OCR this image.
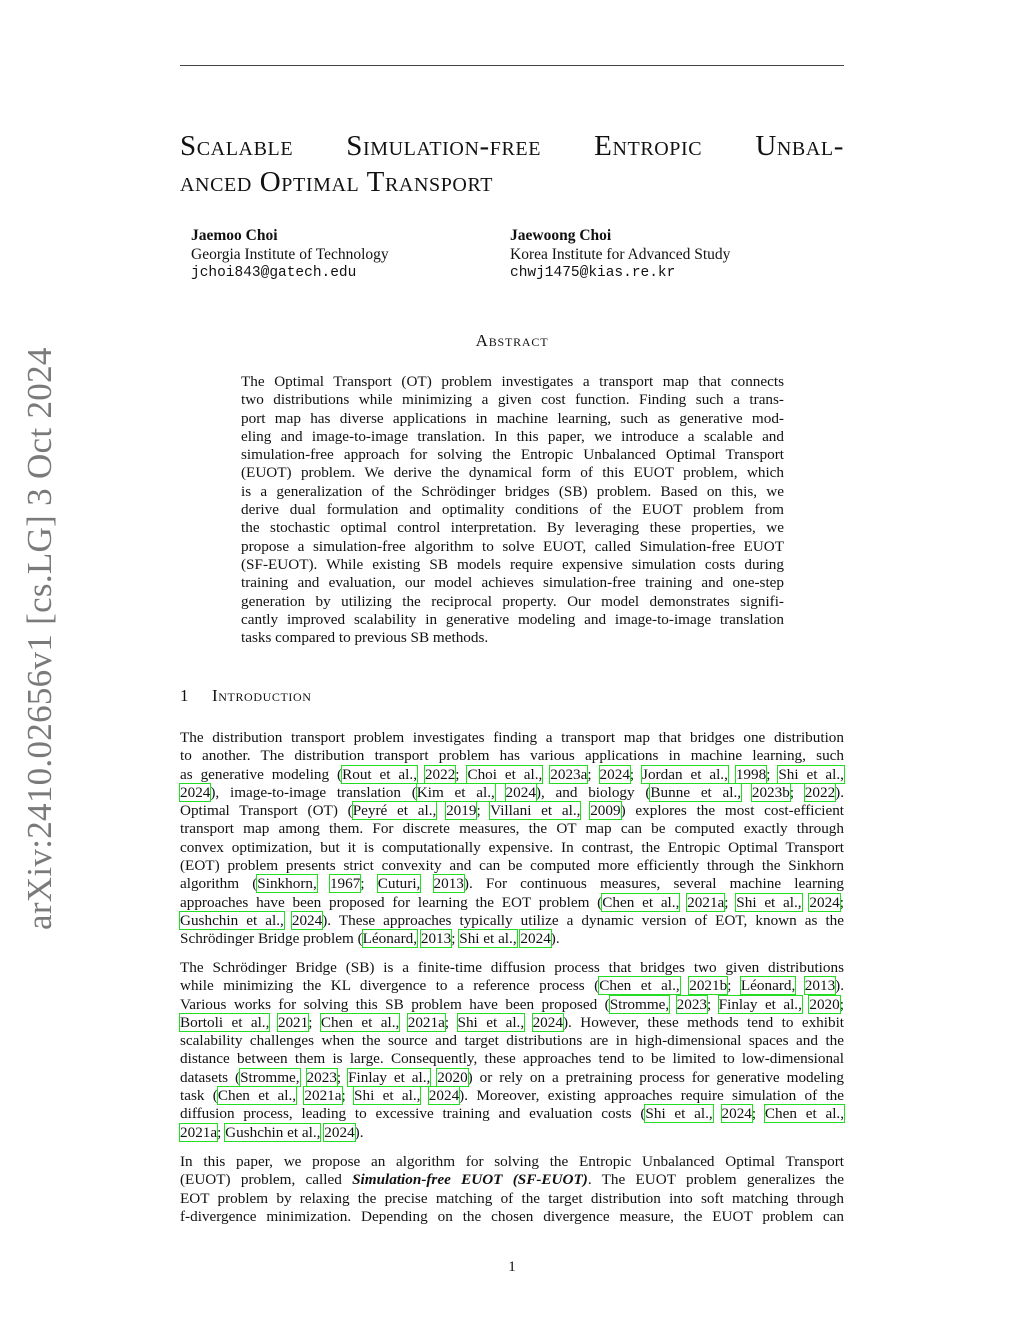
Scalable Simulation-free Entropic Unbal-
anced Optimal Transport
Jaemoo Choi
Georgia Institute of Technology
jchoi843@gatech.edu
Jaewoong Choi
Korea Institute for Advanced Study
chwj1475@kias.re.kr
Abstract
The Optimal Transport (OT) problem investigates a transport map that connects
two distributions while minimizing a given cost function. Finding such a trans-
port map has diverse applications in machine learning, such as generative mod-
eling and image-to-image translation. In this paper, we introduce a scalable and
simulation-free approach for solving the Entropic Unbalanced Optimal Transport
(EUOT) problem. We derive the dynamical form of this EUOT problem, which
is a generalization of the Schrödinger bridges (SB) problem. Based on this, we
derive dual formulation and optimality conditions of the EUOT problem from
the stochastic optimal control interpretation. By leveraging these properties, we
propose a simulation-free algorithm to solve EUOT, called Simulation-free EUOT
(SF-EUOT). While existing SB models require expensive simulation costs during
training and evaluation, our model achieves simulation-free training and one-step
generation by utilizing the reciprocal property. Our model demonstrates signifi-
cantly improved scalability in generative modeling and image-to-image translation
tasks compared to previous SB methods.
1 Introduction
The distribution transport problem investigates finding a transport map that bridges one distribution
to another. The distribution transport problem has various applications in machine learning, such
as generative modeling (Rout et al., 2022; Choi et al., 2023a; 2024; Jordan et al., 1998; Shi et al.,
2024), image-to-image translation (Kim et al., 2024), and biology (Bunne et al., 2023b; 2022).
Optimal Transport (OT) (Peyré et al., 2019; Villani et al., 2009) explores the most cost-efficient
transport map among them. For discrete measures, the OT map can be computed exactly through
convex optimization, but it is computationally expensive. In contrast, the Entropic Optimal Transport
(EOT) problem presents strict convexity and can be computed more efficiently through the Sinkhorn
algorithm (Sinkhorn, 1967; Cuturi, 2013). For continuous measures, several machine learning
approaches have been proposed for learning the EOT problem (Chen et al., 2021a; Shi et al., 2024;
Gushchin et al., 2024). These approaches typically utilize a dynamic version of EOT, known as the
Schrödinger Bridge problem (Léonard, 2013; Shi et al., 2024).
The Schrödinger Bridge (SB) is a finite-time diffusion process that bridges two given distributions
while minimizing the KL divergence to a reference process (Chen et al., 2021b; Léonard, 2013).
Various works for solving this SB problem have been proposed (Stromme, 2023; Finlay et al., 2020;
Bortoli et al., 2021; Chen et al., 2021a; Shi et al., 2024). However, these methods tend to exhibit
scalability challenges when the source and target distributions are in high-dimensional spaces and the
distance between them is large. Consequently, these approaches tend to be limited to low-dimensional
datasets (Stromme, 2023; Finlay et al., 2020) or rely on a pretraining process for generative modeling
task (Chen et al., 2021a; Shi et al., 2024). Moreover, existing approaches require simulation of the
diffusion process, leading to excessive training and evaluation costs (Shi et al., 2024; Chen et al.,
2021a; Gushchin et al., 2024).
In this paper, we propose an algorithm for solving the Entropic Unbalanced Optimal Transport
(EUOT) problem, called Simulation-free EUOT (SF-EUOT). The EUOT problem generalizes the
EOT problem by relaxing the precise matching of the target distribution into soft matching through
f-divergence minimization. Depending on the chosen divergence measure, the EUOT problem can
arXiv:2410.02656v1 [cs.LG] 3 Oct 2024
1
